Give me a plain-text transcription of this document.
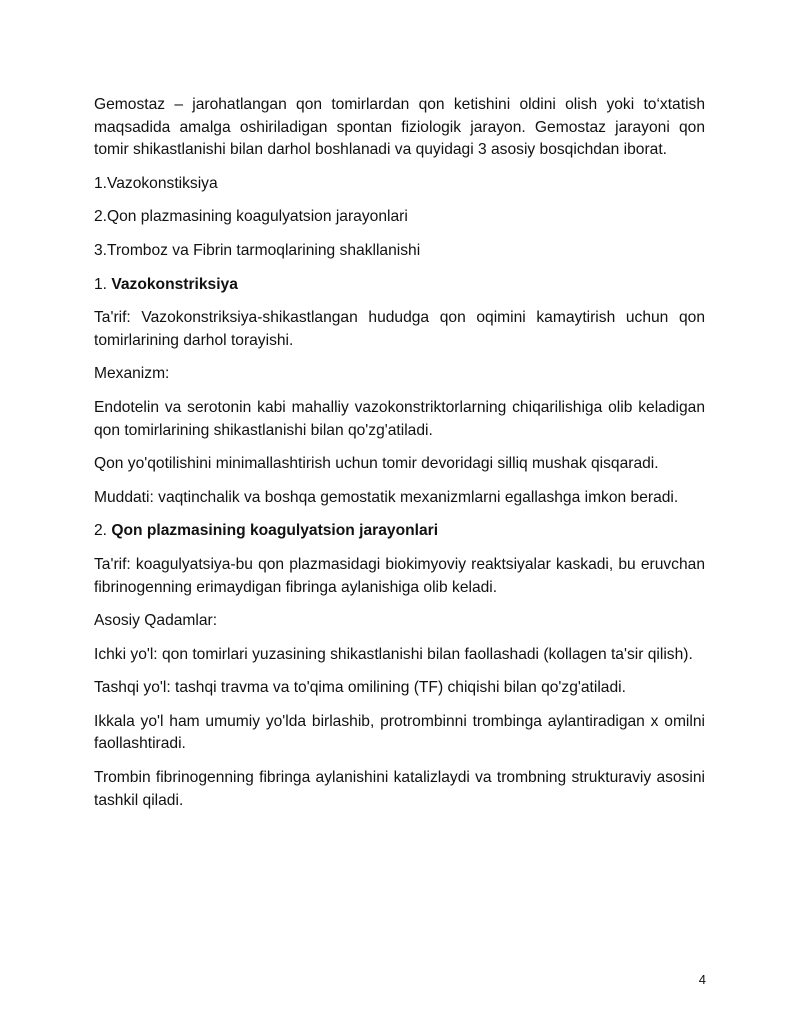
Gemostaz – jarohatlangan qon tomirlardan qon ketishini oldini olish yoki to‘xtatish maqsadida amalga oshiriladigan spontan fiziologik jarayon. Gemostaz jarayoni qon tomir shikastlanishi bilan darhol boshlanadi va quyidagi 3 asosiy bosqichdan iborat.

1.Vazokonstiksiya

2.Qon plazmasining koagulyatsion jarayonlari

3.Tromboz va Fibrin tarmoqlarining shakllanishi

1. Vazokonstriksiya

Ta'rif: Vazokonstriksiya-shikastlangan hududga qon oqimini kamaytirish uchun qon tomirlarining darhol torayishi.

Mexanizm:

Endotelin va serotonin kabi mahalliy vazokonstriktorlarning chiqarilishiga olib keladigan qon tomirlarining shikastlanishi bilan qo'zg'atiladi.

Qon yo'qotilishini minimallashtirish uchun tomir devoridagi silliq mushak qisqaradi.

Muddati: vaqtinchalik va boshqa gemostatik mexanizmlarni egallashga imkon beradi.

2. Qon plazmasining koagulyatsion jarayonlari

Ta'rif: koagulyatsiya-bu qon plazmasidagi biokimyoviy reaktsiyalar kaskadi, bu eruvchan fibrinogenning erimaydigan fibringa aylanishiga olib keladi.

Asosiy Qadamlar:

Ichki yo'l: qon tomirlari yuzasining shikastlanishi bilan faollashadi (kollagen ta'sir qilish).

Tashqi yo'l: tashqi travma va to'qima omilining (TF) chiqishi bilan qo'zg'atiladi.

Ikkala yo'l ham umumiy yo'lda birlashib, protrombinni trombinga aylantiradigan x omilni faollashtiradi.

Trombin fibrinogenning fibringa aylanishini katalizlaydi va trombning strukturaviy asosini tashkil qiladi.

4
